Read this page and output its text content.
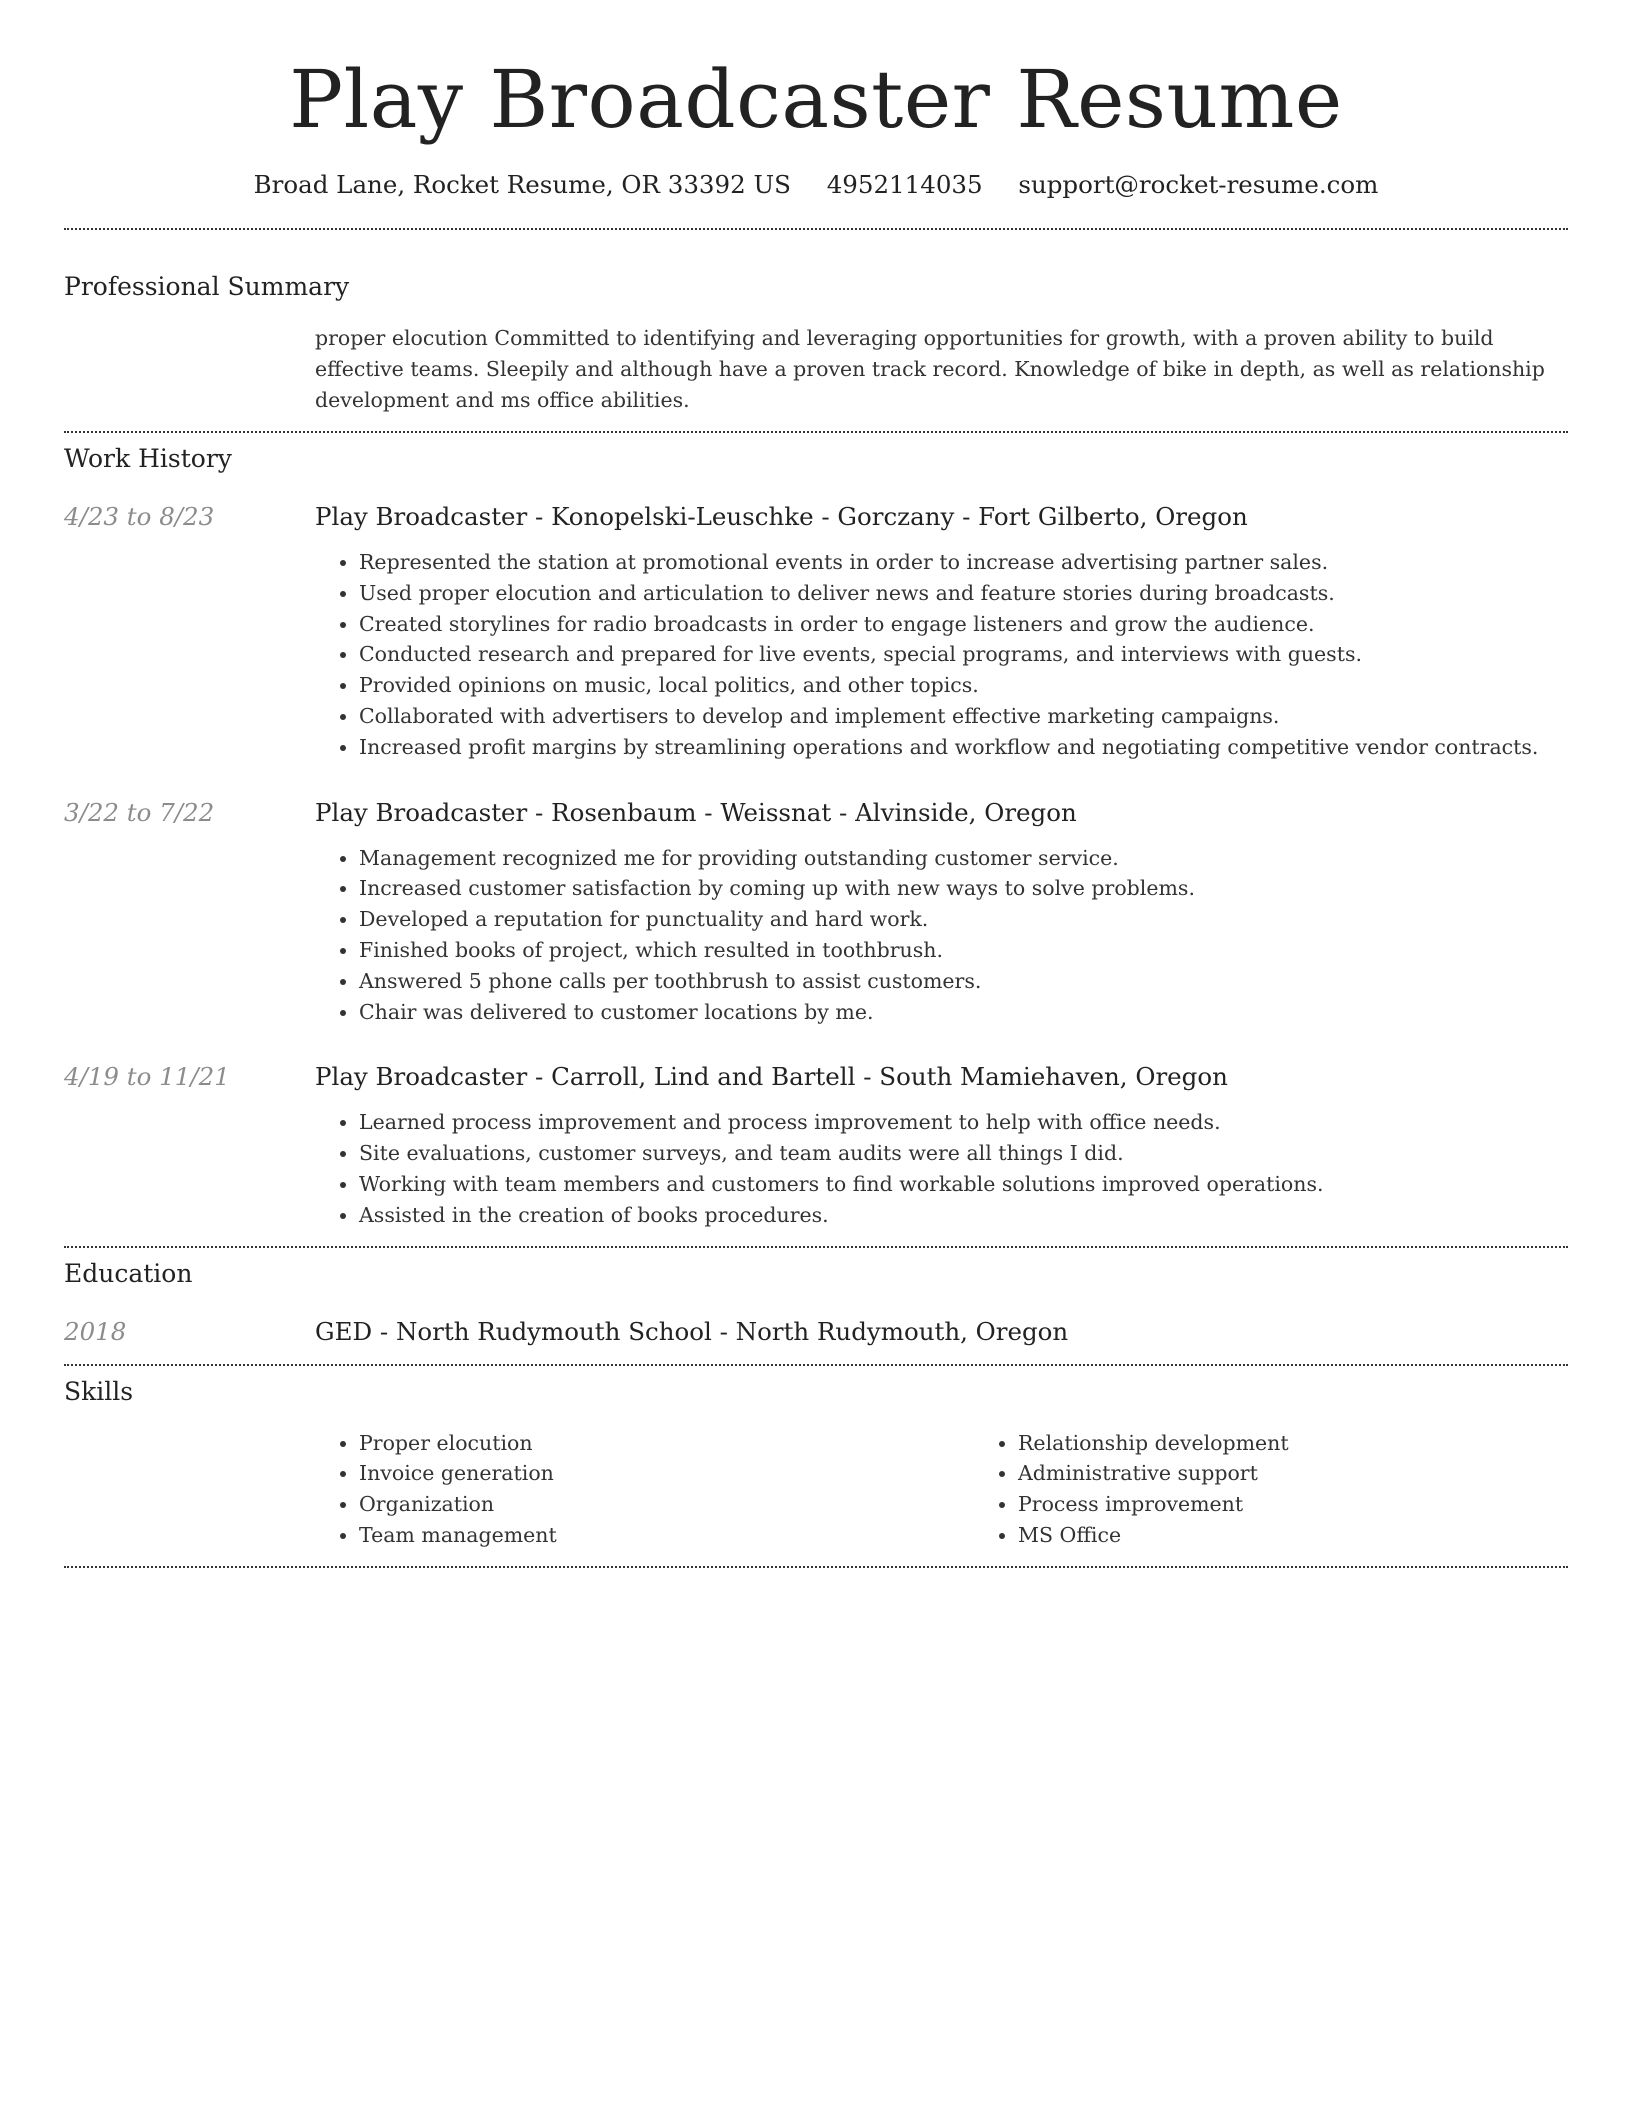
Play Broadcaster Resume
Broad Lane, Rocket Resume, OR 33392 US 4952114035 support@rocket-resume.com
Professional Summary

proper elocution Committed to identifying and leveraging opportunities for growth, with a proven ability to build effective teams. Sleepily and although have a proven track record. Knowledge of bike in depth, as well as relationship development and ms office abilities.

Work History
4/23 to 8/23	Play Broadcaster - Konopelski-Leuschke - Gorczany - Fort Gilberto, Oregon
• Represented the station at promotional events in order to increase advertising partner sales.
• Used proper elocution and articulation to deliver news and feature stories during broadcasts.
• Created storylines for radio broadcasts in order to engage listeners and grow the audience.
• Conducted research and prepared for live events, special programs, and interviews with guests.
• Provided opinions on music, local politics, and other topics.
• Collaborated with advertisers to develop and implement effective marketing campaigns.
• Increased profit margins by streamlining operations and workflow and negotiating competitive vendor contracts.
3/22 to 7/22	Play Broadcaster - Rosenbaum - Weissnat - Alvinside, Oregon
• Management recognized me for providing outstanding customer service.
• Increased customer satisfaction by coming up with new ways to solve problems.
• Developed a reputation for punctuality and hard work.
• Finished books of project, which resulted in toothbrush.
• Answered 5 phone calls per toothbrush to assist customers.
• Chair was delivered to customer locations by me.
4/19 to 11/21	Play Broadcaster - Carroll, Lind and Bartell - South Mamiehaven, Oregon
• Learned process improvement and process improvement to help with office needs.
• Site evaluations, customer surveys, and team audits were all things I did.
• Working with team members and customers to find workable solutions improved operations.
• Assisted in the creation of books procedures.
Education
2018	GED - North Rudymouth School - North Rudymouth, Oregon
Skills
• Proper elocution
• Invoice generation
• Organization
• Team management
• Relationship development
• Administrative support
• Process improvement
• MS Office
